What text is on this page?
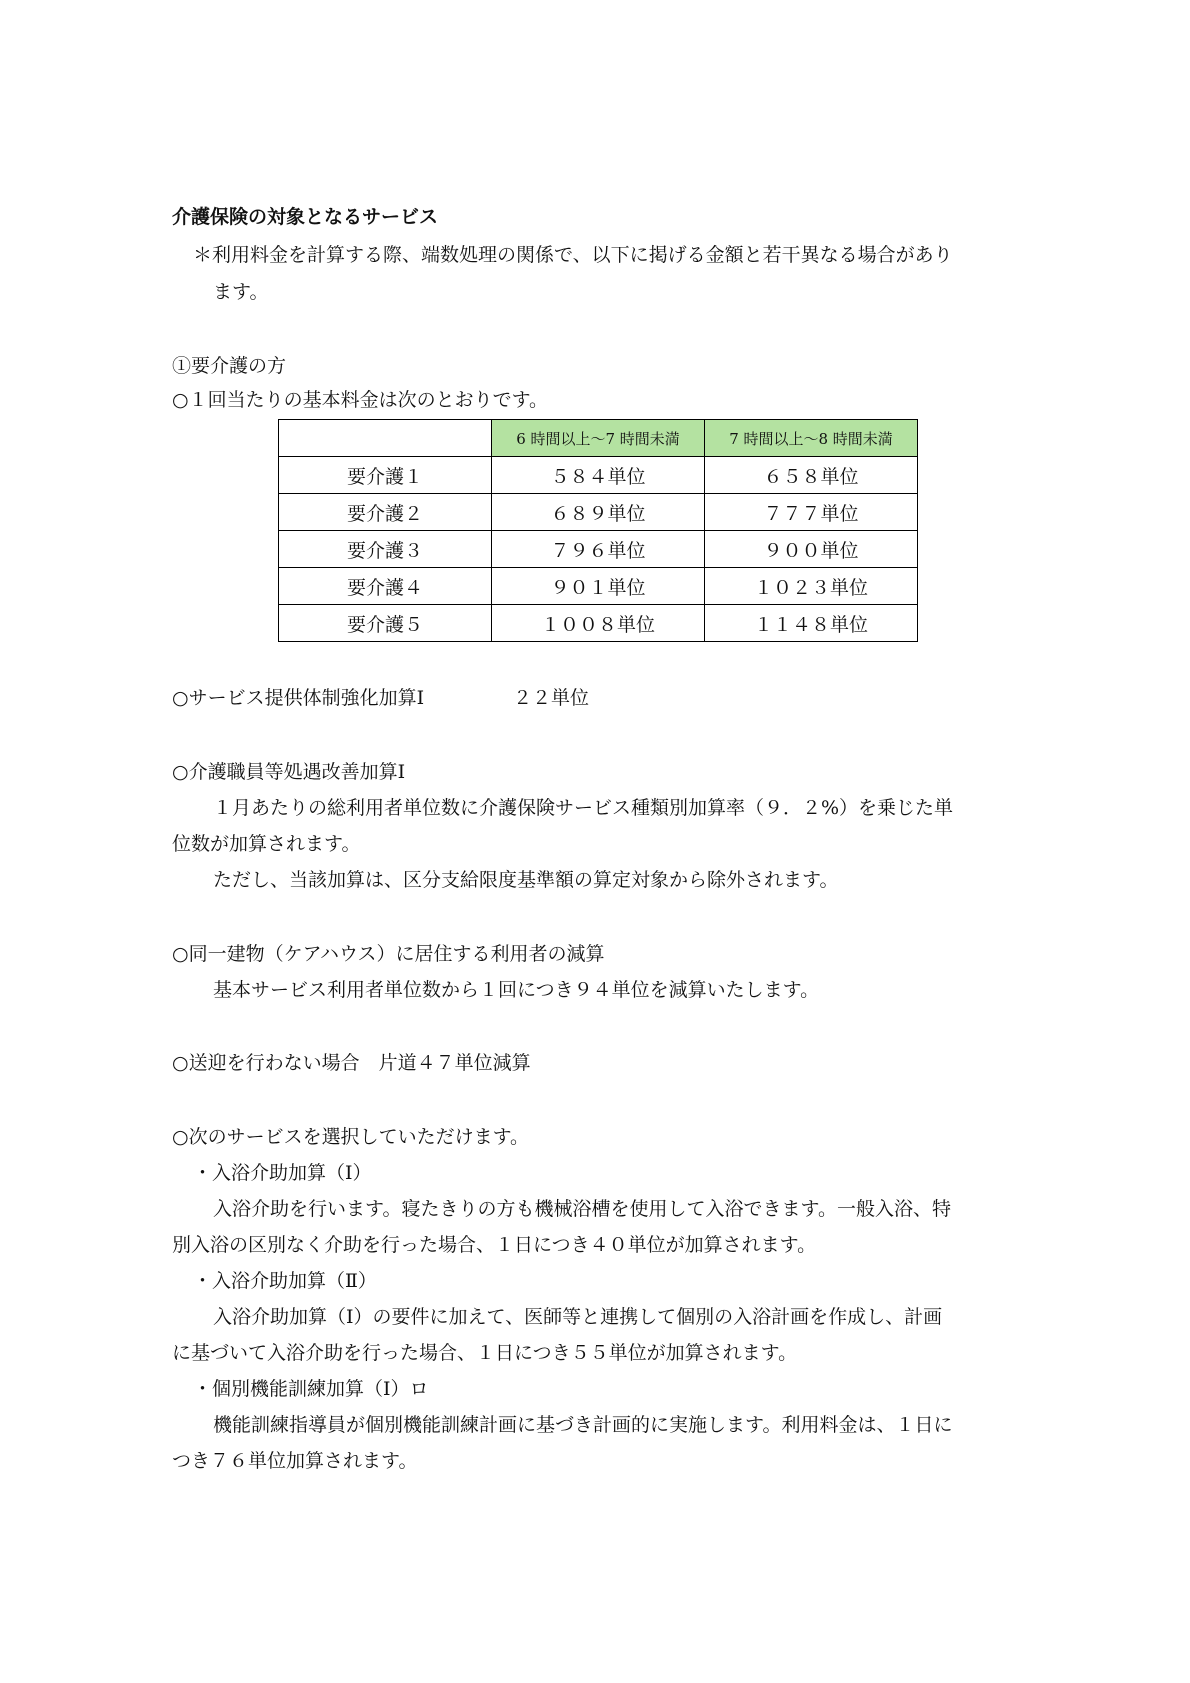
介護保険の対象となるサービス
＊利用料金を計算する際、端数処理の関係で、以下に掲げる金額と若干異なる場合があり
ます。
①要介護の方
○１回当たりの基本料金は次のとおりです。
	6 時間以上～7 時間未満	7 時間以上～8 時間未満
要介護１	５８４単位	６５８単位
要介護２	６８９単位	７７７単位
要介護３	７９６単位	９００単位
要介護４	９０１単位	１０２３単位
要介護５	１００８単位	１１４８単位
○サービス提供体制強化加算Ⅰ	２２単位
○介護職員等処遇改善加算Ⅰ
１月あたりの総利用者単位数に介護保険サービス種類別加算率（９．２%）を乗じた単
位数が加算されます。
ただし、当該加算は、区分支給限度基準額の算定対象から除外されます。
○同一建物（ケアハウス）に居住する利用者の減算
基本サービス利用者単位数から１回につき９４単位を減算いたします。
○送迎を行わない場合　片道４７単位減算
○次のサービスを選択していただけます。
・入浴介助加算（Ⅰ）
入浴介助を行います。寝たきりの方も機械浴槽を使用して入浴できます。一般入浴、特
別入浴の区別なく介助を行った場合、１日につき４０単位が加算されます。
・入浴介助加算（Ⅱ）
入浴介助加算（Ⅰ）の要件に加えて、医師等と連携して個別の入浴計画を作成し、計画
に基づいて入浴介助を行った場合、１日につき５５単位が加算されます。
・個別機能訓練加算（Ⅰ）ロ
機能訓練指導員が個別機能訓練計画に基づき計画的に実施します。利用料金は、１日に
つき７６単位加算されます。
